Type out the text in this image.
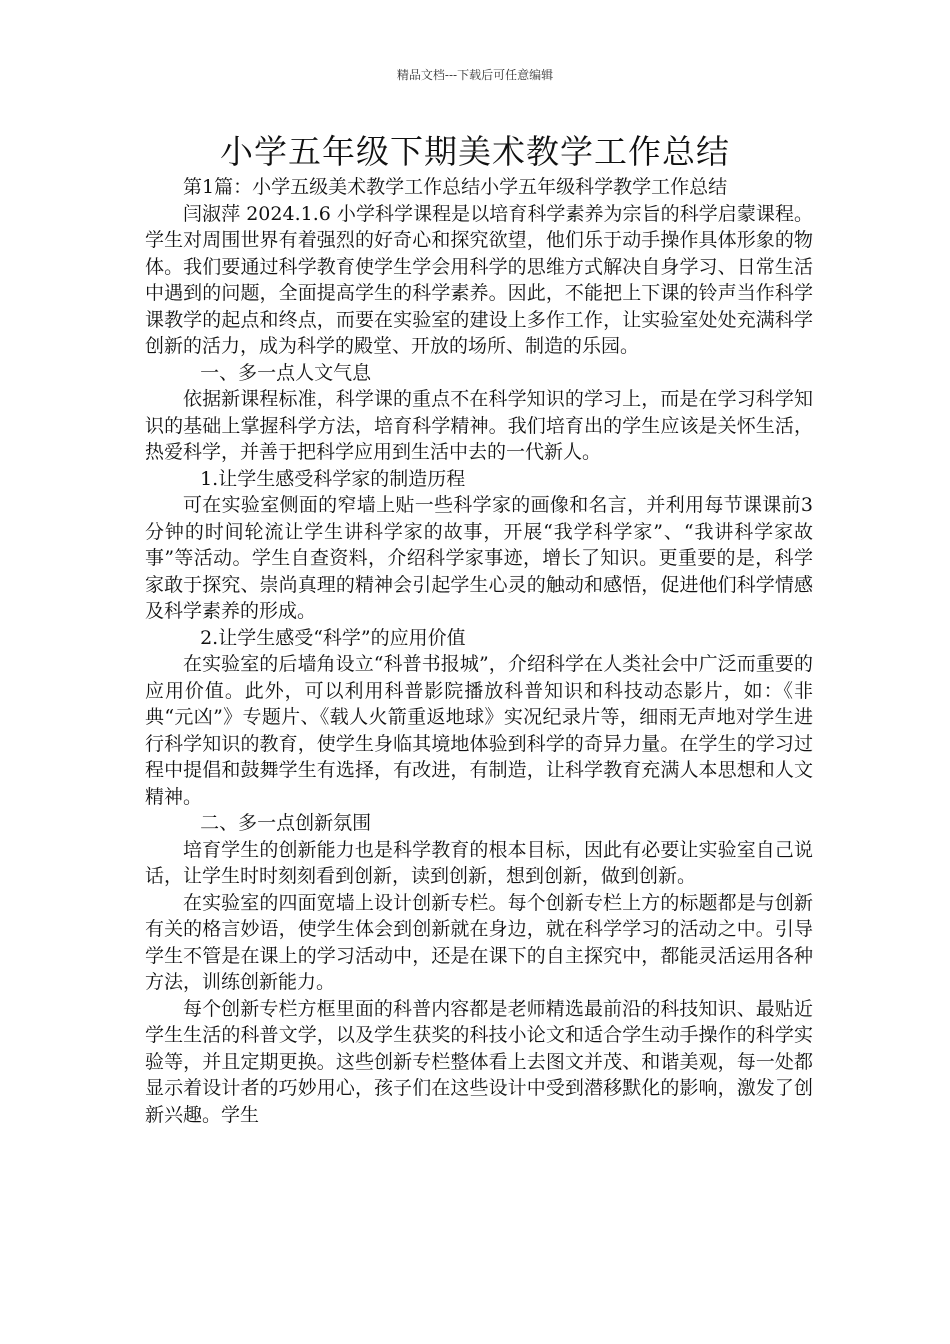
精品文档---下载后可任意编辑
小学五年级下期美术教学工作总结

第1篇：小学五级美术教学工作总结小学五年级科学教学工作总结

闫淑萍 2024.1.6 小学科学课程是以培育科学素养为宗旨的科学启蒙课程。学生对周围世界有着强烈的好奇心和探究欲望，他们乐于动手操作具体形象的物体。我们要通过科学教育使学生学会用科学的思维方式解决自身学习、日常生活中遇到的问题，全面提高学生的科学素养。因此，不能把上下课的铃声当作科学课教学的起点和终点，而要在实验室的建设上多作工作，让实验室处处充满科学创新的活力，成为科学的殿堂、开放的场所、制造的乐园。

一、多一点人文气息

依据新课程标准，科学课的重点不在科学知识的学习上，而是在学习科学知识的基础上掌握科学方法，培育科学精神。我们培育出的学生应该是关怀生活，热爱科学，并善于把科学应用到生活中去的一代新人。

1.让学生感受科学家的制造历程

可在实验室侧面的窄墙上贴一些科学家的画像和名言，并利用每节课课前3分钟的时间轮流让学生讲科学家的故事，开展“我学科学家”、“我讲科学家故事”等活动。学生自查资料，介绍科学家事迹，增长了知识。更重要的是，科学家敢于探究、崇尚真理的精神会引起学生心灵的触动和感悟，促进他们科学情感及科学素养的形成。

2.让学生感受“科学”的应用价值

在实验室的后墙角设立“科普书报城”，介绍科学在人类社会中广泛而重要的应用价值。此外，可以利用科普影院播放科普知识和科技动态影片，如：《非典“元凶”》专题片、《载人火箭重返地球》实况纪录片等，细雨无声地对学生进行科学知识的教育，使学生身临其境地体验到科学的奇异力量。在学生的学习过程中提倡和鼓舞学生有选择，有改进，有制造，让科学教育充满人本思想和人文精神。

二、多一点创新氛围

培育学生的创新能力也是科学教育的根本目标，因此有必要让实验室自己说话，让学生时时刻刻看到创新，读到创新，想到创新，做到创新。

在实验室的四面宽墙上设计创新专栏。每个创新专栏上方的标题都是与创新有关的格言妙语，使学生体会到创新就在身边，就在科学学习的活动之中。引导学生不管是在课上的学习活动中，还是在课下的自主探究中，都能灵活运用各种方法，训练创新能力。

每个创新专栏方框里面的科普内容都是老师精选最前沿的科技知识、最贴近学生生活的科普文学，以及学生获奖的科技小论文和适合学生动手操作的科学实验等，并且定期更换。这些创新专栏整体看上去图文并茂、和谐美观，每一处都显示着设计者的巧妙用心，孩子们在这些设计中受到潜移默化的影响，激发了创新兴趣。学生
